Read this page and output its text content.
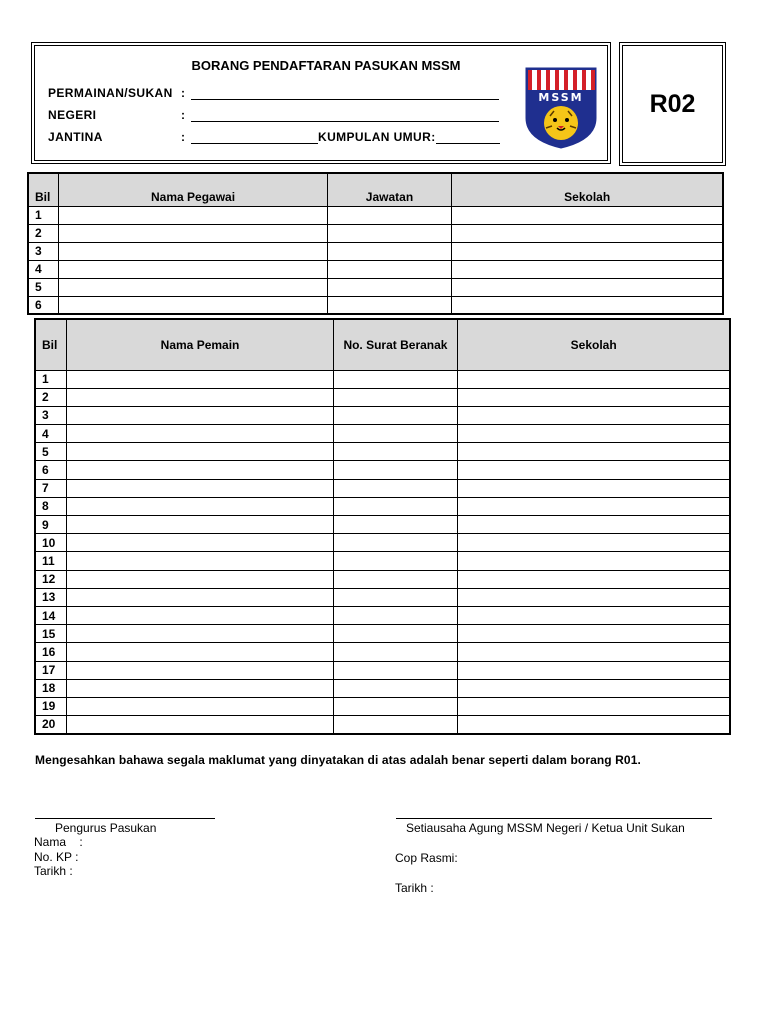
BORANG PENDAFTARAN PASUKAN MSSM
PERMAINAN/SUKAN :
NEGERI	:
JANTINA	:	KUMPULAN UMUR:
MSSM	R02
Bil	Nama Pegawai	Jawatan	Sekolah
1			
2			
3			
4			
5			
6			
Bil	Nama Pemain	No. Surat Beranak	Sekolah
1			
2			
3			
4			
5			
6			
7			
8			
9			
10			
11			
12			
13			
14			
15			
16			
17			
18			
19			
20			
Mengesahkan bahawa segala maklumat yang dinyatakan di atas adalah benar seperti dalam borang R01.
Pengurus Pasukan
Nama    :
No. KP :
Tarikh :
Setiausaha Agung MSSM Negeri / Ketua Unit Sukan
Cop Rasmi:
Tarikh :
